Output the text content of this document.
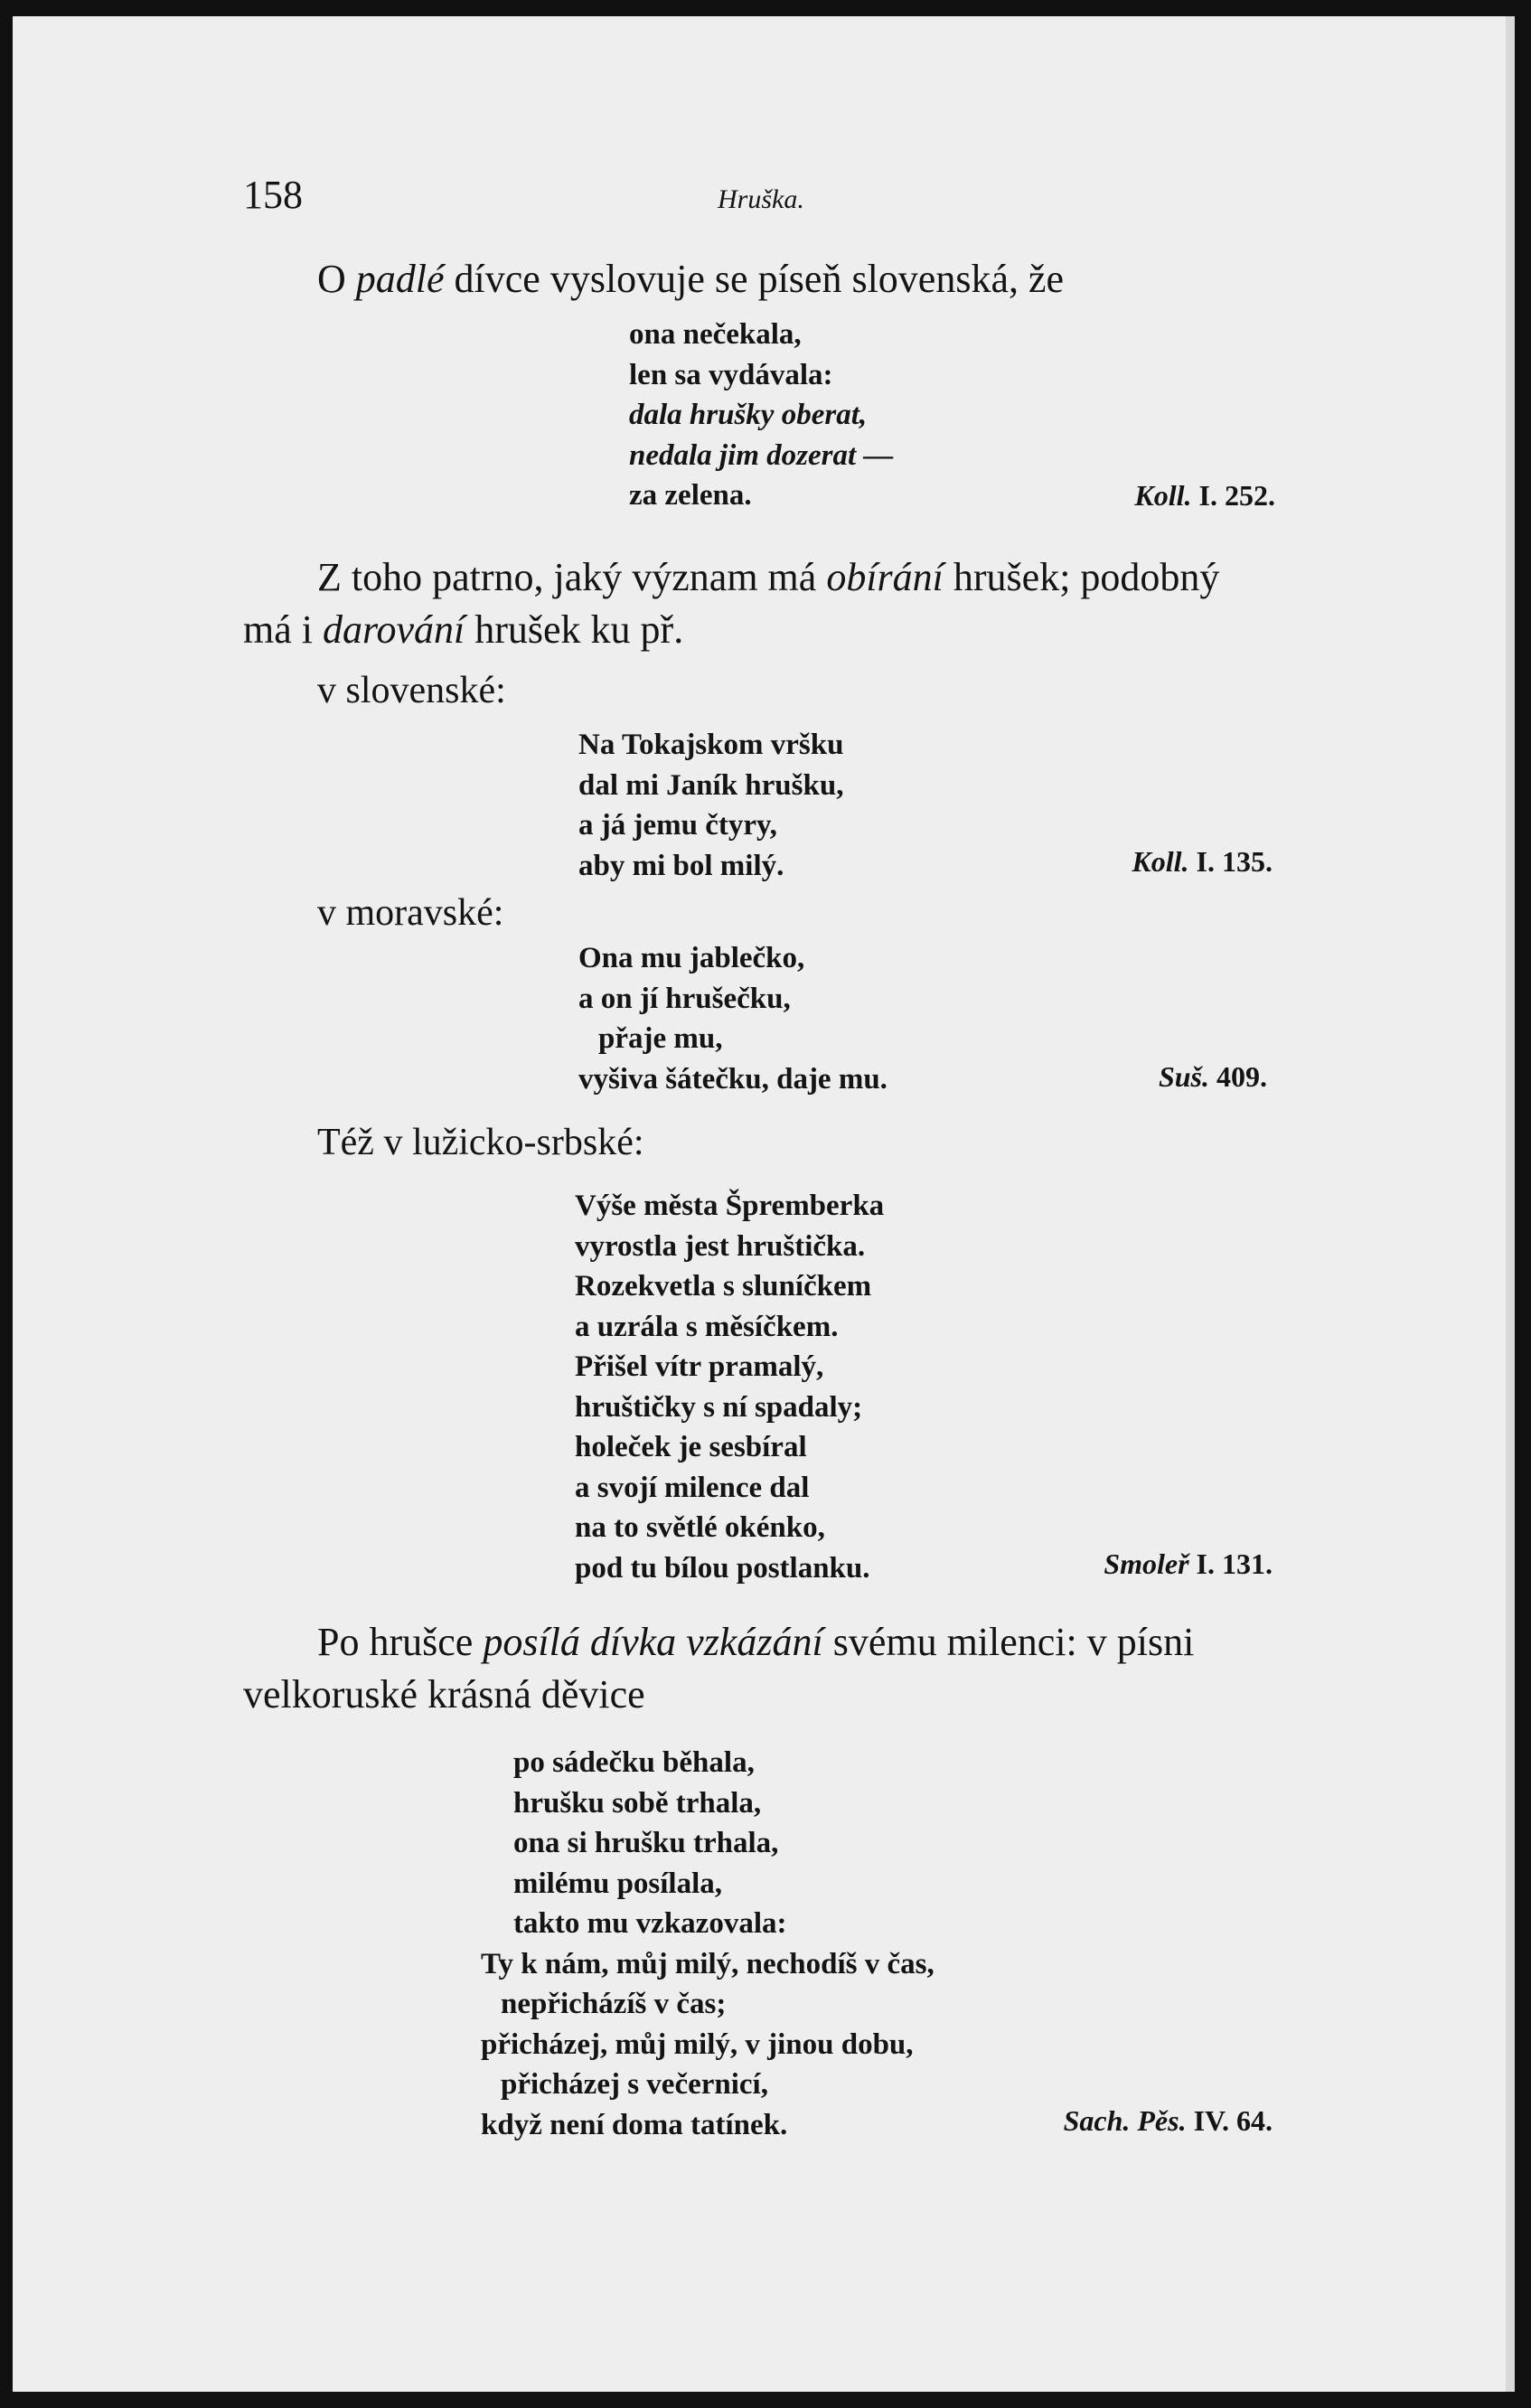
158	Hruška.
O padlé dívce vyslovuje se píseň slovenská, že
ona nečekala,
len sa vydávala:
dala hrušky oberat,
nedala jim dozerat —
za zelena.	Koll. I. 252.
Z toho patrno, jaký význam má obírání hrušek; podobný
má i darování hrušek ku př.
v slovenské:
Na Tokajskom vršku
dal mi Janík hrušku,
a já jemu čtyry,
aby mi bol milý.	Koll. I. 135.
v moravské:
Ona mu jablečko,
a on jí hrušečku,
přaje mu,
vyšiva šátečku, daje mu.	Suš. 409.
Též v lužicko-srbské:
Výše města Špremberka
vyrostla jest hruštička.
Rozekvetla s sluníčkem
a uzrála s měsíčkem.
Přišel vítr pramalý,
hruštičky s ní spadaly;
holeček je sesbíral
a svojí milence dal
na to světlé okénko,
pod tu bílou postlanku.	Smoleř I. 131.
Po hrušce posílá dívka vzkázání svému milenci: v písni
velkoruské krásná děvice
po sádečku běhala,
hrušku sobě trhala,
ona si hrušku trhala,
milému posílala,
takto mu vzkazovala:
Ty k nám, můj milý, nechodíš v čas,
nepřicházíš v čas;
přicházej, můj milý, v jinou dobu,
přicházej s večernicí,
když není doma tatínek.	Sach. Pěs. IV. 64.
